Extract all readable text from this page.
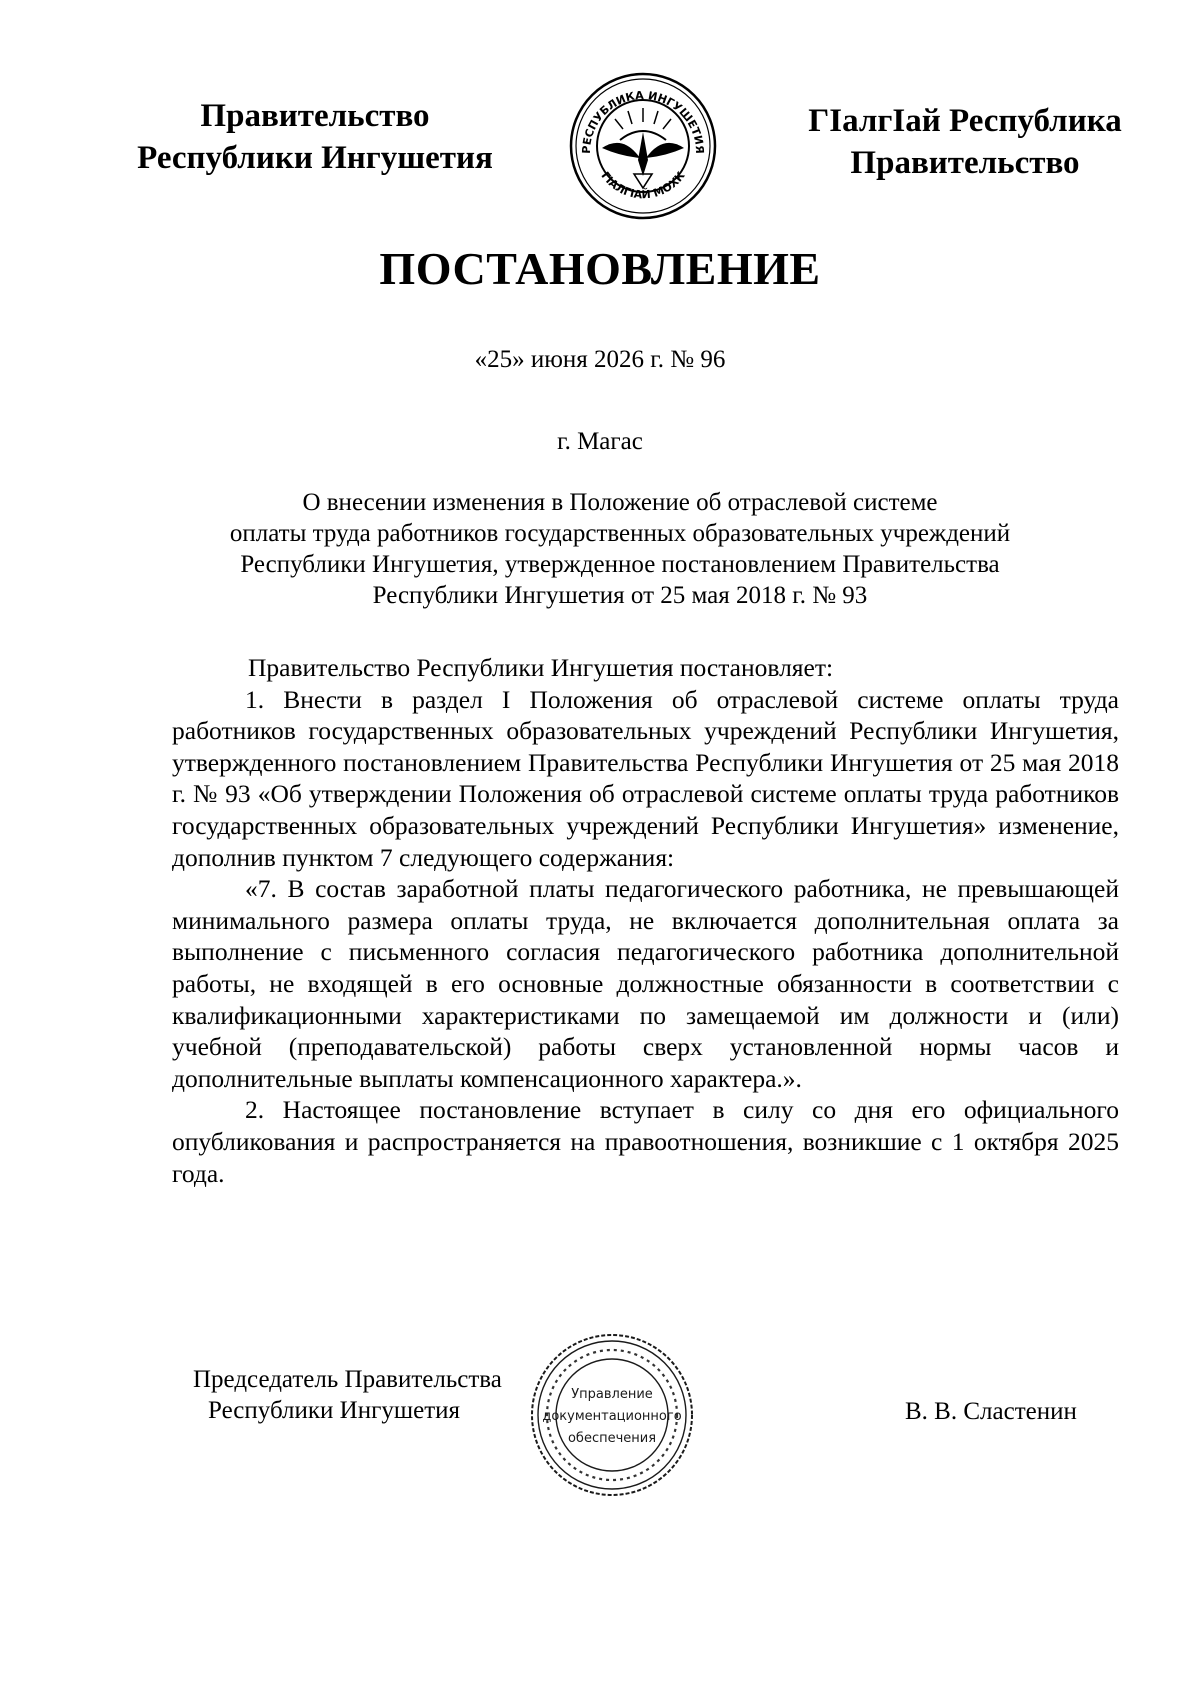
Правительство
Республики Ингушетия	РЕСПУБЛИКА ИНГУШЕТИЯ
ГIАЛГIАЙ МОХК
ГIалгIай Республика
Правительство
ПОСТАНОВЛЕНИЕ
«25» июня 2026 г. № 96
г. Магас
О внесении изменения в Положение об отраслевой системе
оплаты труда работников государственных образовательных учреждений
Республики Ингушетия, утвержденное постановлением Правительства
Республики Ингушетия от 25 мая 2018 г. № 93

Правительство Республики Ингушетия постановляет:

1. Внести в раздел I Положения об отраслевой системе оплаты труда работников государственных образовательных учреждений Республики Ингушетия, утвержденного постановлением Правительства Республики Ингушетия от 25 мая 2018 г. № 93 «Об утверждении Положения об отраслевой системе оплаты труда работников государственных образовательных учреждений Республики Ингушетия» изменение, дополнив пунктом 7 следующего содержания:

«7. В состав заработной платы педагогического работника, не превышающей минимального размера оплаты труда, не включается дополнительная оплата за выполнение с письменного согласия педагогического работника дополнительной работы, не входящей в его основные должностные обязанности в соответствии с квалификационными характеристиками по замещаемой им должности и (или) учебной (преподавательской) работы сверх установленной нормы часов и дополнительные выплаты компенсационного характера.».

2. Настоящее постановление вступает в силу со дня его официального опубликования и распространяется на правоотношения, возникшие с 1 октября 2025 года.

Председатель Правительства
Республики Ингушетия
Управление
документационного
обеспечения
В. В. Сластенин
